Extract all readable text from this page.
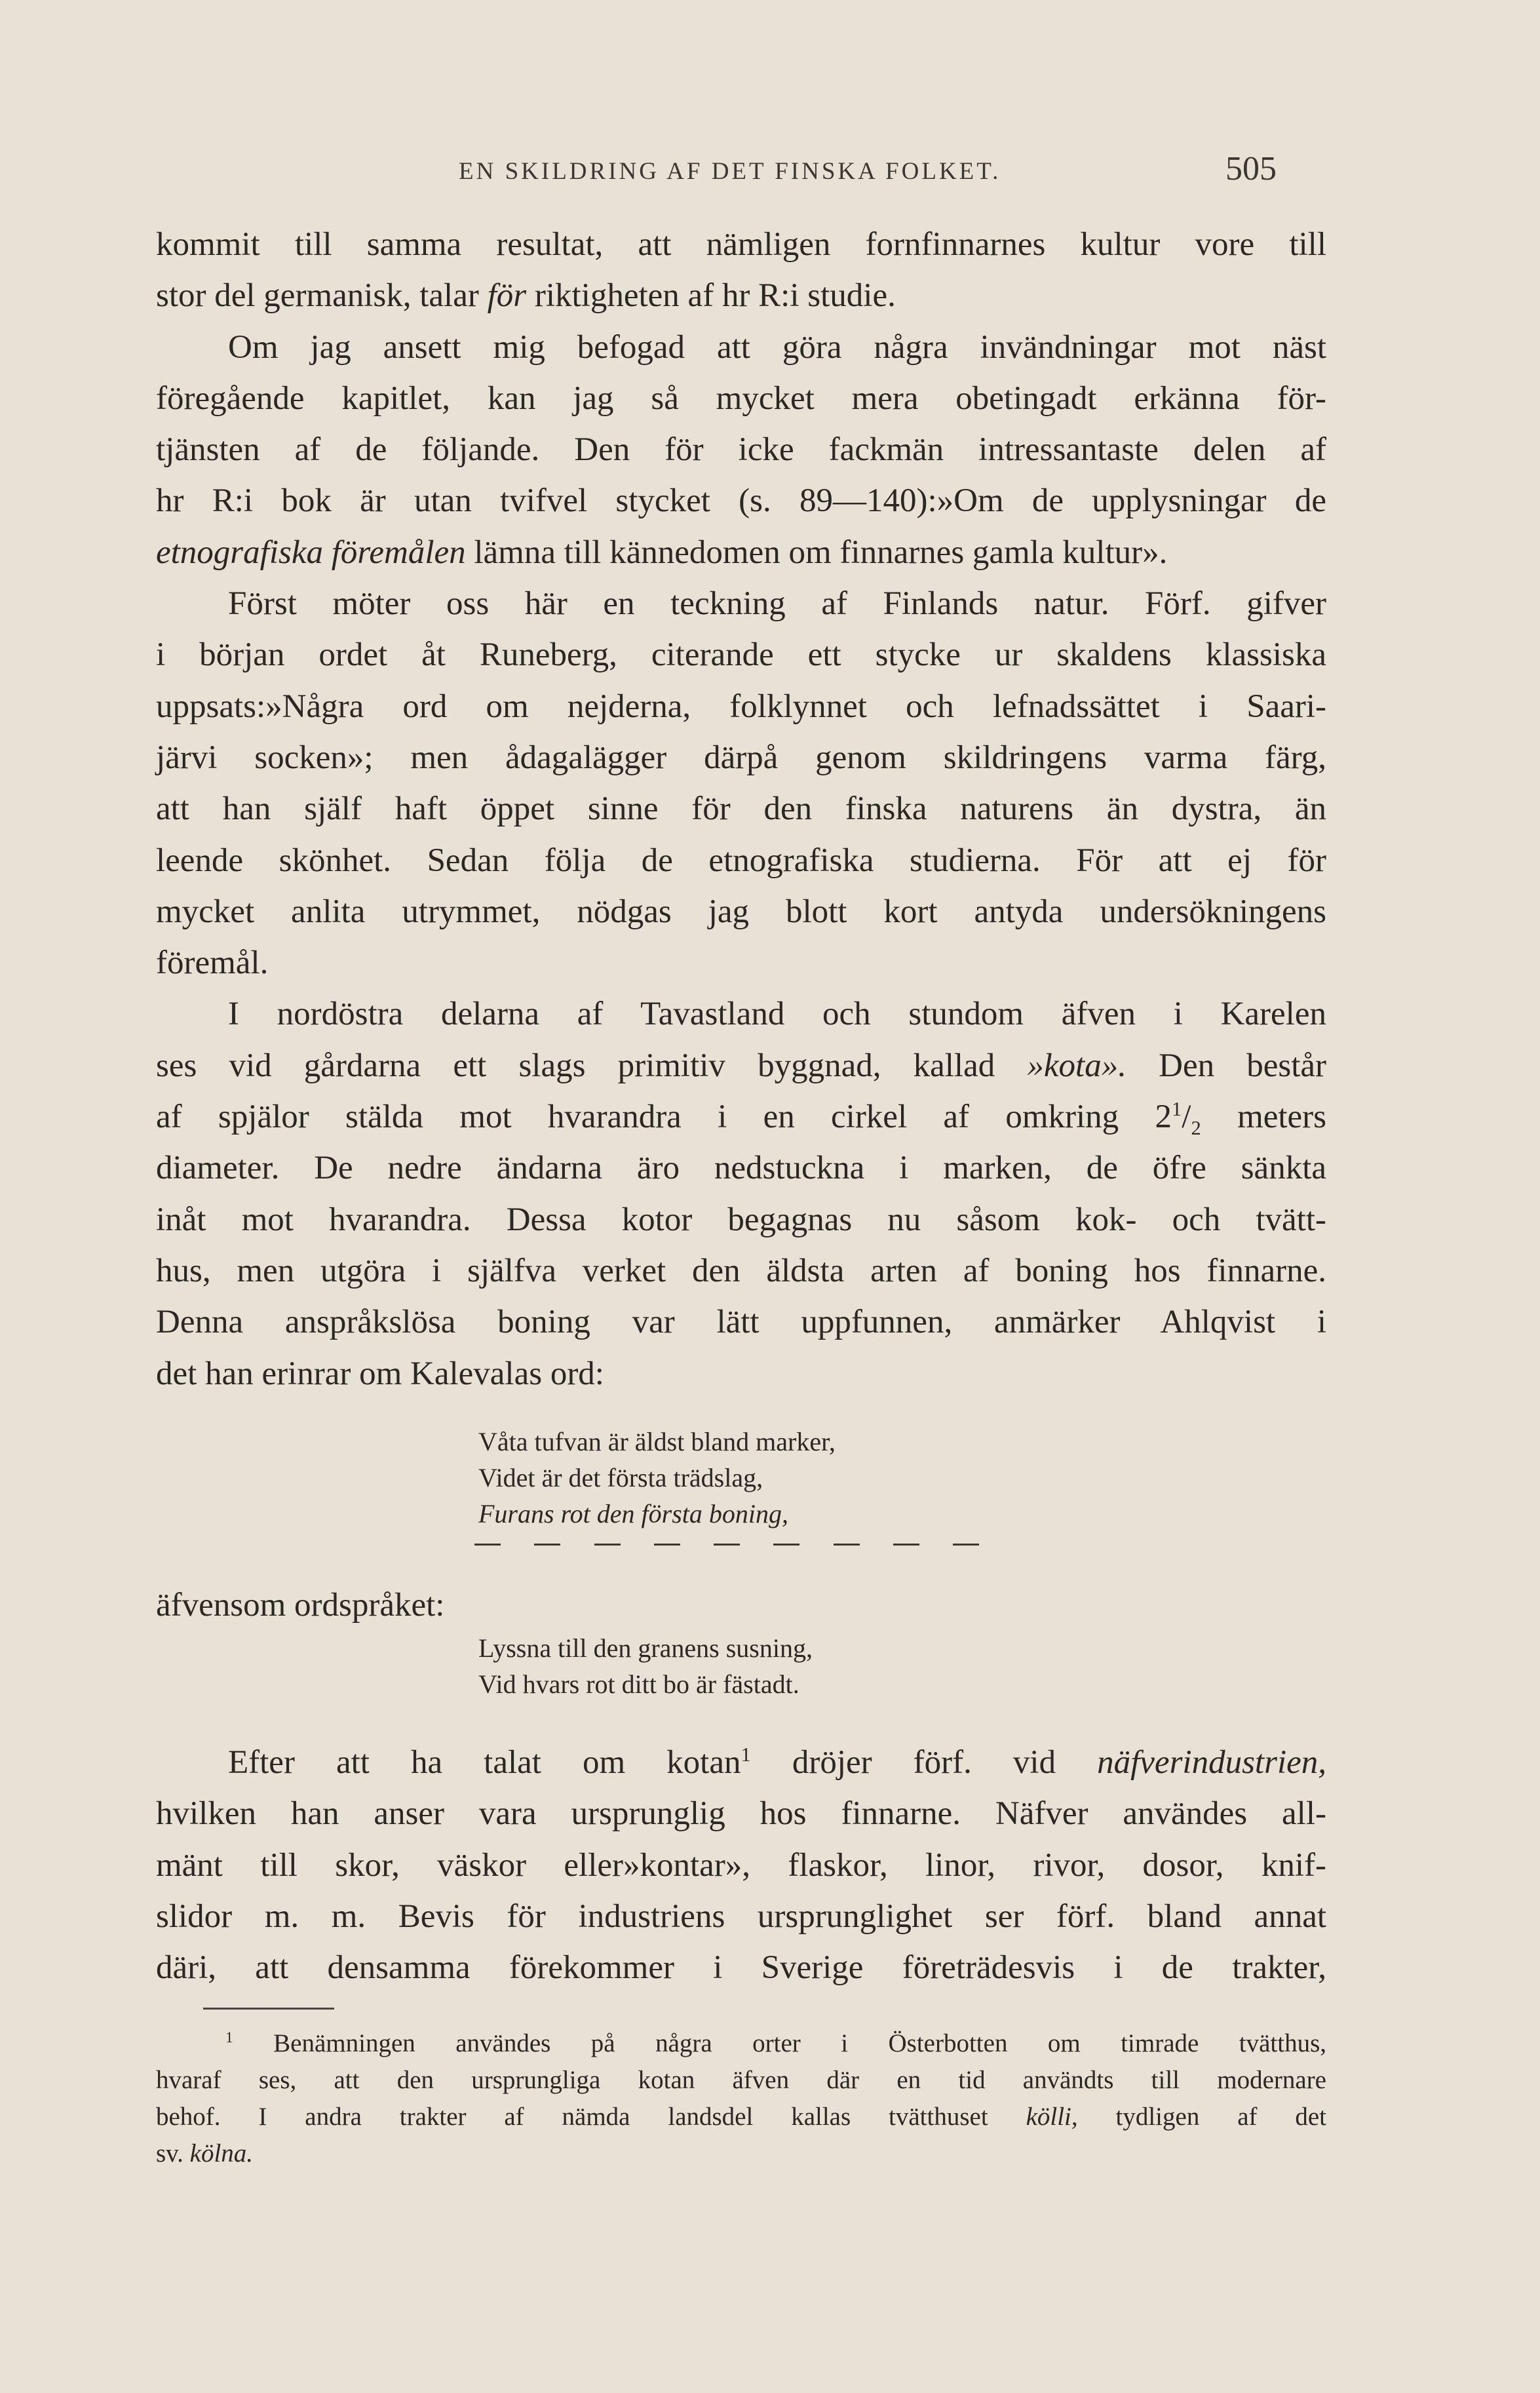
EN SKILDRING AF DET FINSKA FOLKET.	505
kommit till samma resultat, att nämligen fornfinnarnes kultur vore till
stor del germanisk, talar för riktigheten af hr R:i studie.
Om jag ansett mig befogad att göra några invändningar mot näst
föregående kapitlet, kan jag så mycket mera obetingadt erkänna för-
tjänsten af de följande. Den för icke fackmän intressantaste delen af
hr R:i bok är utan tvifvel stycket (s. 89—140):»Om de upplysningar de
etnografiska föremålen lämna till kännedomen om finnarnes gamla kultur».
Först möter oss här en teckning af Finlands natur. Förf. gifver
i början ordet åt Runeberg, citerande ett stycke ur skaldens klassiska
uppsats:»Några ord om nejderna, folklynnet och lefnadssättet i Saari-
järvi socken»; men ådagalägger därpå genom skildringens varma färg,
att han själf haft öppet sinne för den finska naturens än dystra, än
leende skönhet. Sedan följa de etnografiska studierna. För att ej för
mycket anlita utrymmet, nödgas jag blott kort antyda undersökningens
föremål.
I nordöstra delarna af Tavastland och stundom äfven i Karelen
ses vid gårdarna ett slags primitiv byggnad, kallad »kota». Den består
af spjälor stälda mot hvarandra i en cirkel af omkring $2^1/_2$ meters
diameter. De nedre ändarna äro nedstuckna i marken, de öfre sänkta
inåt mot hvarandra. Dessa kotor begagnas nu såsom kok- och tvätt-
hus, men utgöra i själfva verket den äldsta arten af boning hos finnarne.
Denna anspråkslösa boning var lätt uppfunnen, anmärker Ahlqvist i
det han erinrar om Kalevalas ord:
Våta tufvan är äldst bland marker,
Videt är det första trädslag,
Furans rot den första boning,
äfvensom ordspråket:
Lyssna till den granens susning,
Vid hvars rot ditt bo är fästadt.
Efter att ha talat om kotan$^1$ dröjer förf. vid näfverindustrien,
hvilken han anser vara ursprunglig hos finnarne. Näfver användes all-
mänt till skor, väskor eller»kontar», flaskor, linor, rivor, dosor, knif-
slidor m. m. Bevis för industriens ursprunglighet ser förf. bland annat
däri, att densamma förekommer i Sverige företrädesvis i de trakter,
$^1$ Benämningen användes på några orter i Österbotten om timrade tvätthus,
hvaraf ses, att den ursprungliga kotan äfven där en tid användts till modernare
behof. I andra trakter af nämda landsdel kallas tvätthuset kölli, tydligen af det
sv. kölna.
